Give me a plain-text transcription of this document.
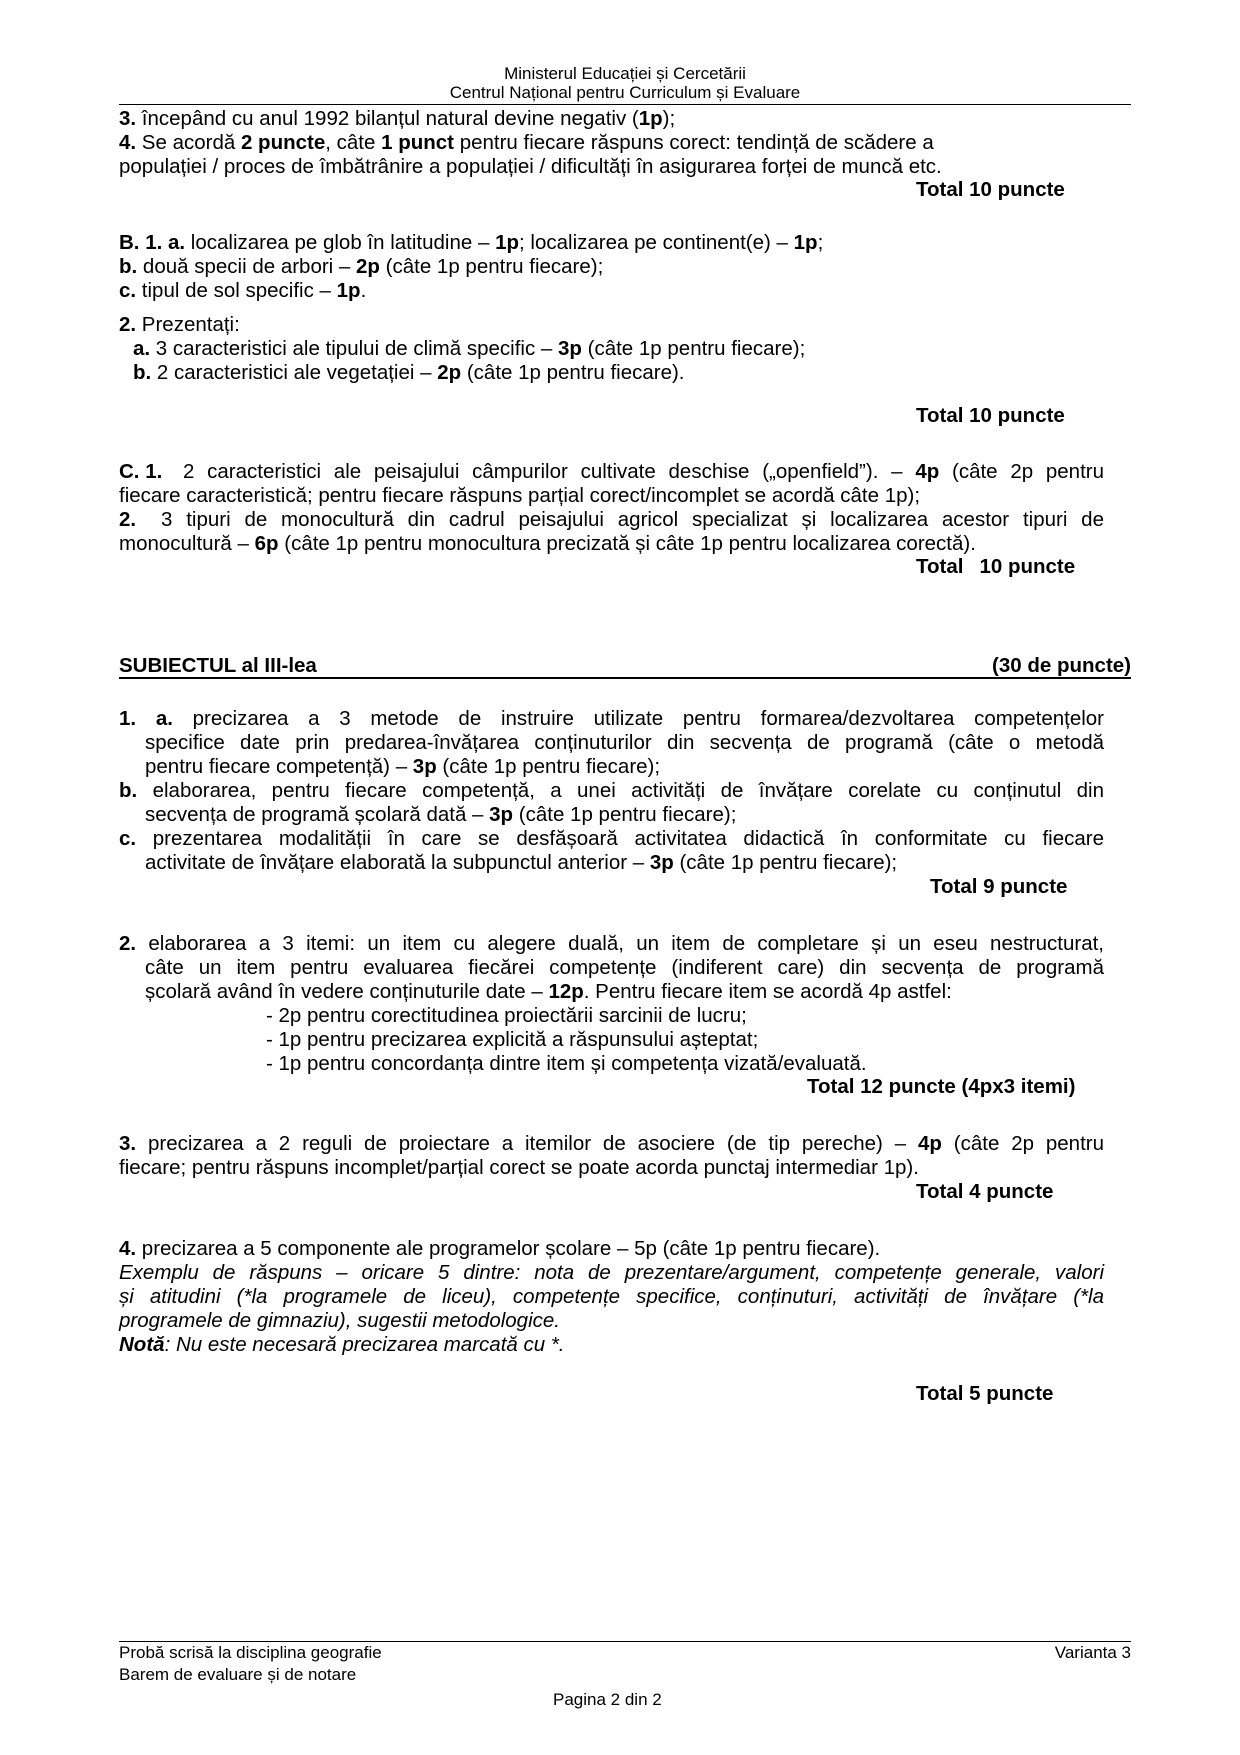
Ministerul Educației și Cercetării
Centrul Național pentru Curriculum și Evaluare
3. începând cu anul 1992 bilanțul natural devine negativ (1p);
4. Se acordă 2 puncte, câte 1 punct pentru fiecare răspuns corect: tendință de scădere a
populației / proces de îmbătrânire a populației / dificultăți în asigurarea forței de muncă etc.
Total 10 puncte
B. 1. a. localizarea pe glob în latitudine – 1p; localizarea pe continent(e) – 1p;
b. două specii de arbori – 2p (câte 1p pentru fiecare);
c. tipul de sol specific – 1p.
2. Prezentați:
a. 3 caracteristici ale tipului de climă specific – 3p (câte 1p pentru fiecare);
b. 2 caracteristici ale vegetației – 2p (câte 1p pentru fiecare).
Total 10 puncte
C. 1.	2 caracteristici ale peisajului câmpurilor cultivate deschise („openfield”). – 4p (câte 2p pentru
fiecare caracteristică; pentru fiecare răspuns parțial corect/incomplet se acordă câte 1p);
2.	3 tipuri de monocultură din cadrul peisajului agricol specializat și localizarea acestor tipuri de
monocultură – 6p (câte 1p pentru monocultura precizată și câte 1p pentru localizarea corectă).
Total 10 puncte
SUBIECTUL al III-lea	(30 de puncte)
1. a. precizarea a 3 metode de instruire utilizate pentru formarea/dezvoltarea competențelor
specifice date prin predarea-învățarea conținuturilor din secvența de programă (câte o metodă
pentru fiecare competență) – 3p (câte 1p pentru fiecare);
b. elaborarea, pentru fiecare competență, a unei activități de învățare corelate cu conținutul din
secvența de programă școlară dată – 3p (câte 1p pentru fiecare);
c. prezentarea modalității în care se desfășoară activitatea didactică în conformitate cu fiecare
activitate de învățare elaborată la subpunctul anterior – 3p (câte 1p pentru fiecare);
Total 9 puncte
2. elaborarea a 3 itemi: un item cu alegere duală, un item de completare și un eseu nestructurat,
câte un item pentru evaluarea fiecărei competențe (indiferent care) din secvența de programă
școlară având în vedere conținuturile date – 12p. Pentru fiecare item se acordă 4p astfel:
- 2p pentru corectitudinea proiectării sarcinii de lucru;
- 1p pentru precizarea explicită a răspunsului așteptat;
- 1p pentru concordanța dintre item și competența vizată/evaluată.
Total 12 puncte (4px3 itemi)
3. precizarea a 2 reguli de proiectare a itemilor de asociere (de tip pereche) – 4p (câte 2p pentru
fiecare; pentru răspuns incomplet/parțial corect se poate acorda punctaj intermediar 1p).
Total 4 puncte
4. precizarea a 5 componente ale programelor școlare – 5p (câte 1p pentru fiecare).
Exemplu de răspuns – oricare 5 dintre: nota de prezentare/argument, competențe generale, valori
și atitudini (*la programele de liceu), competențe specifice, conținuturi, activități de învățare (*la
programele de gimnaziu), sugestii metodologice.
Notă: Nu este necesară precizarea marcată cu *.
Total 5 puncte
Probă scrisă la disciplina geografie
Barem de evaluare și de notare
Varianta 3
Pagina 2 din 2
